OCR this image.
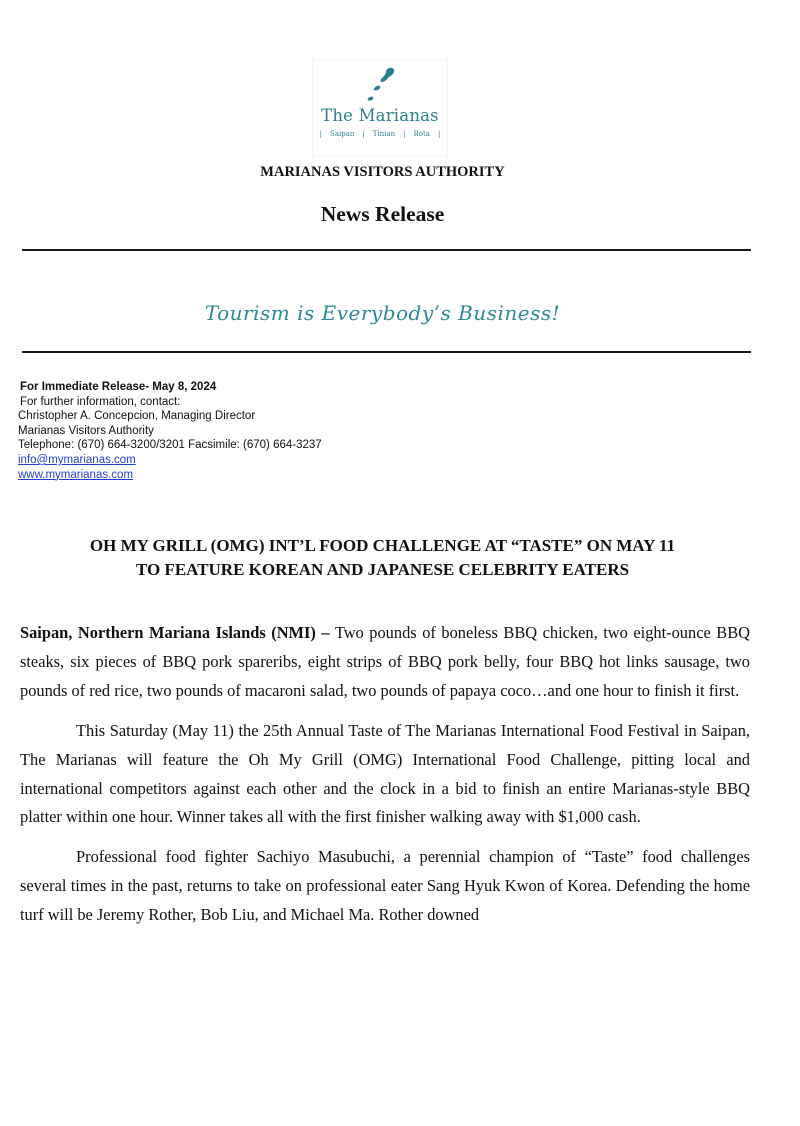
The Marianas
| Saipan | Tinian | Rota |
MARIANAS VISITORS AUTHORITY
News Release
Tourism is Everybody’s Business!
For Immediate Release- May 8, 2024
For further information, contact:
Christopher A. Concepcion, Managing Director
Marianas Visitors Authority
Telephone: (670) 664-3200/3201 Facsimile: (670) 664-3237
info@mymarianas.com
www.mymarianas.com
OH MY GRILL (OMG) INT’L FOOD CHALLENGE AT “TASTE” ON MAY 11
TO FEATURE KOREAN AND JAPANESE CELEBRITY EATERS

Saipan, Northern Mariana Islands (NMI) – Two pounds of boneless BBQ chicken, two eight-ounce BBQ steaks, six pieces of BBQ pork spareribs, eight strips of BBQ pork belly, four BBQ hot links sausage, two pounds of red rice, two pounds of macaroni salad, two pounds of papaya coco…and one hour to finish it first.

This Saturday (May 11) the 25th Annual Taste of The Marianas International Food Festival in Saipan, The Marianas will feature the Oh My Grill (OMG) International Food Challenge, pitting local and international competitors against each other and the clock in a bid to finish an entire Marianas-style BBQ platter within one hour. Winner takes all with the first finisher walking away with $1,000 cash.

Professional food fighter Sachiyo Masubuchi, a perennial champion of “Taste” food challenges several times in the past, returns to take on professional eater Sang Hyuk Kwon of Korea. Defending the home turf will be Jeremy Rother, Bob Liu, and Michael Ma. Rother downed
